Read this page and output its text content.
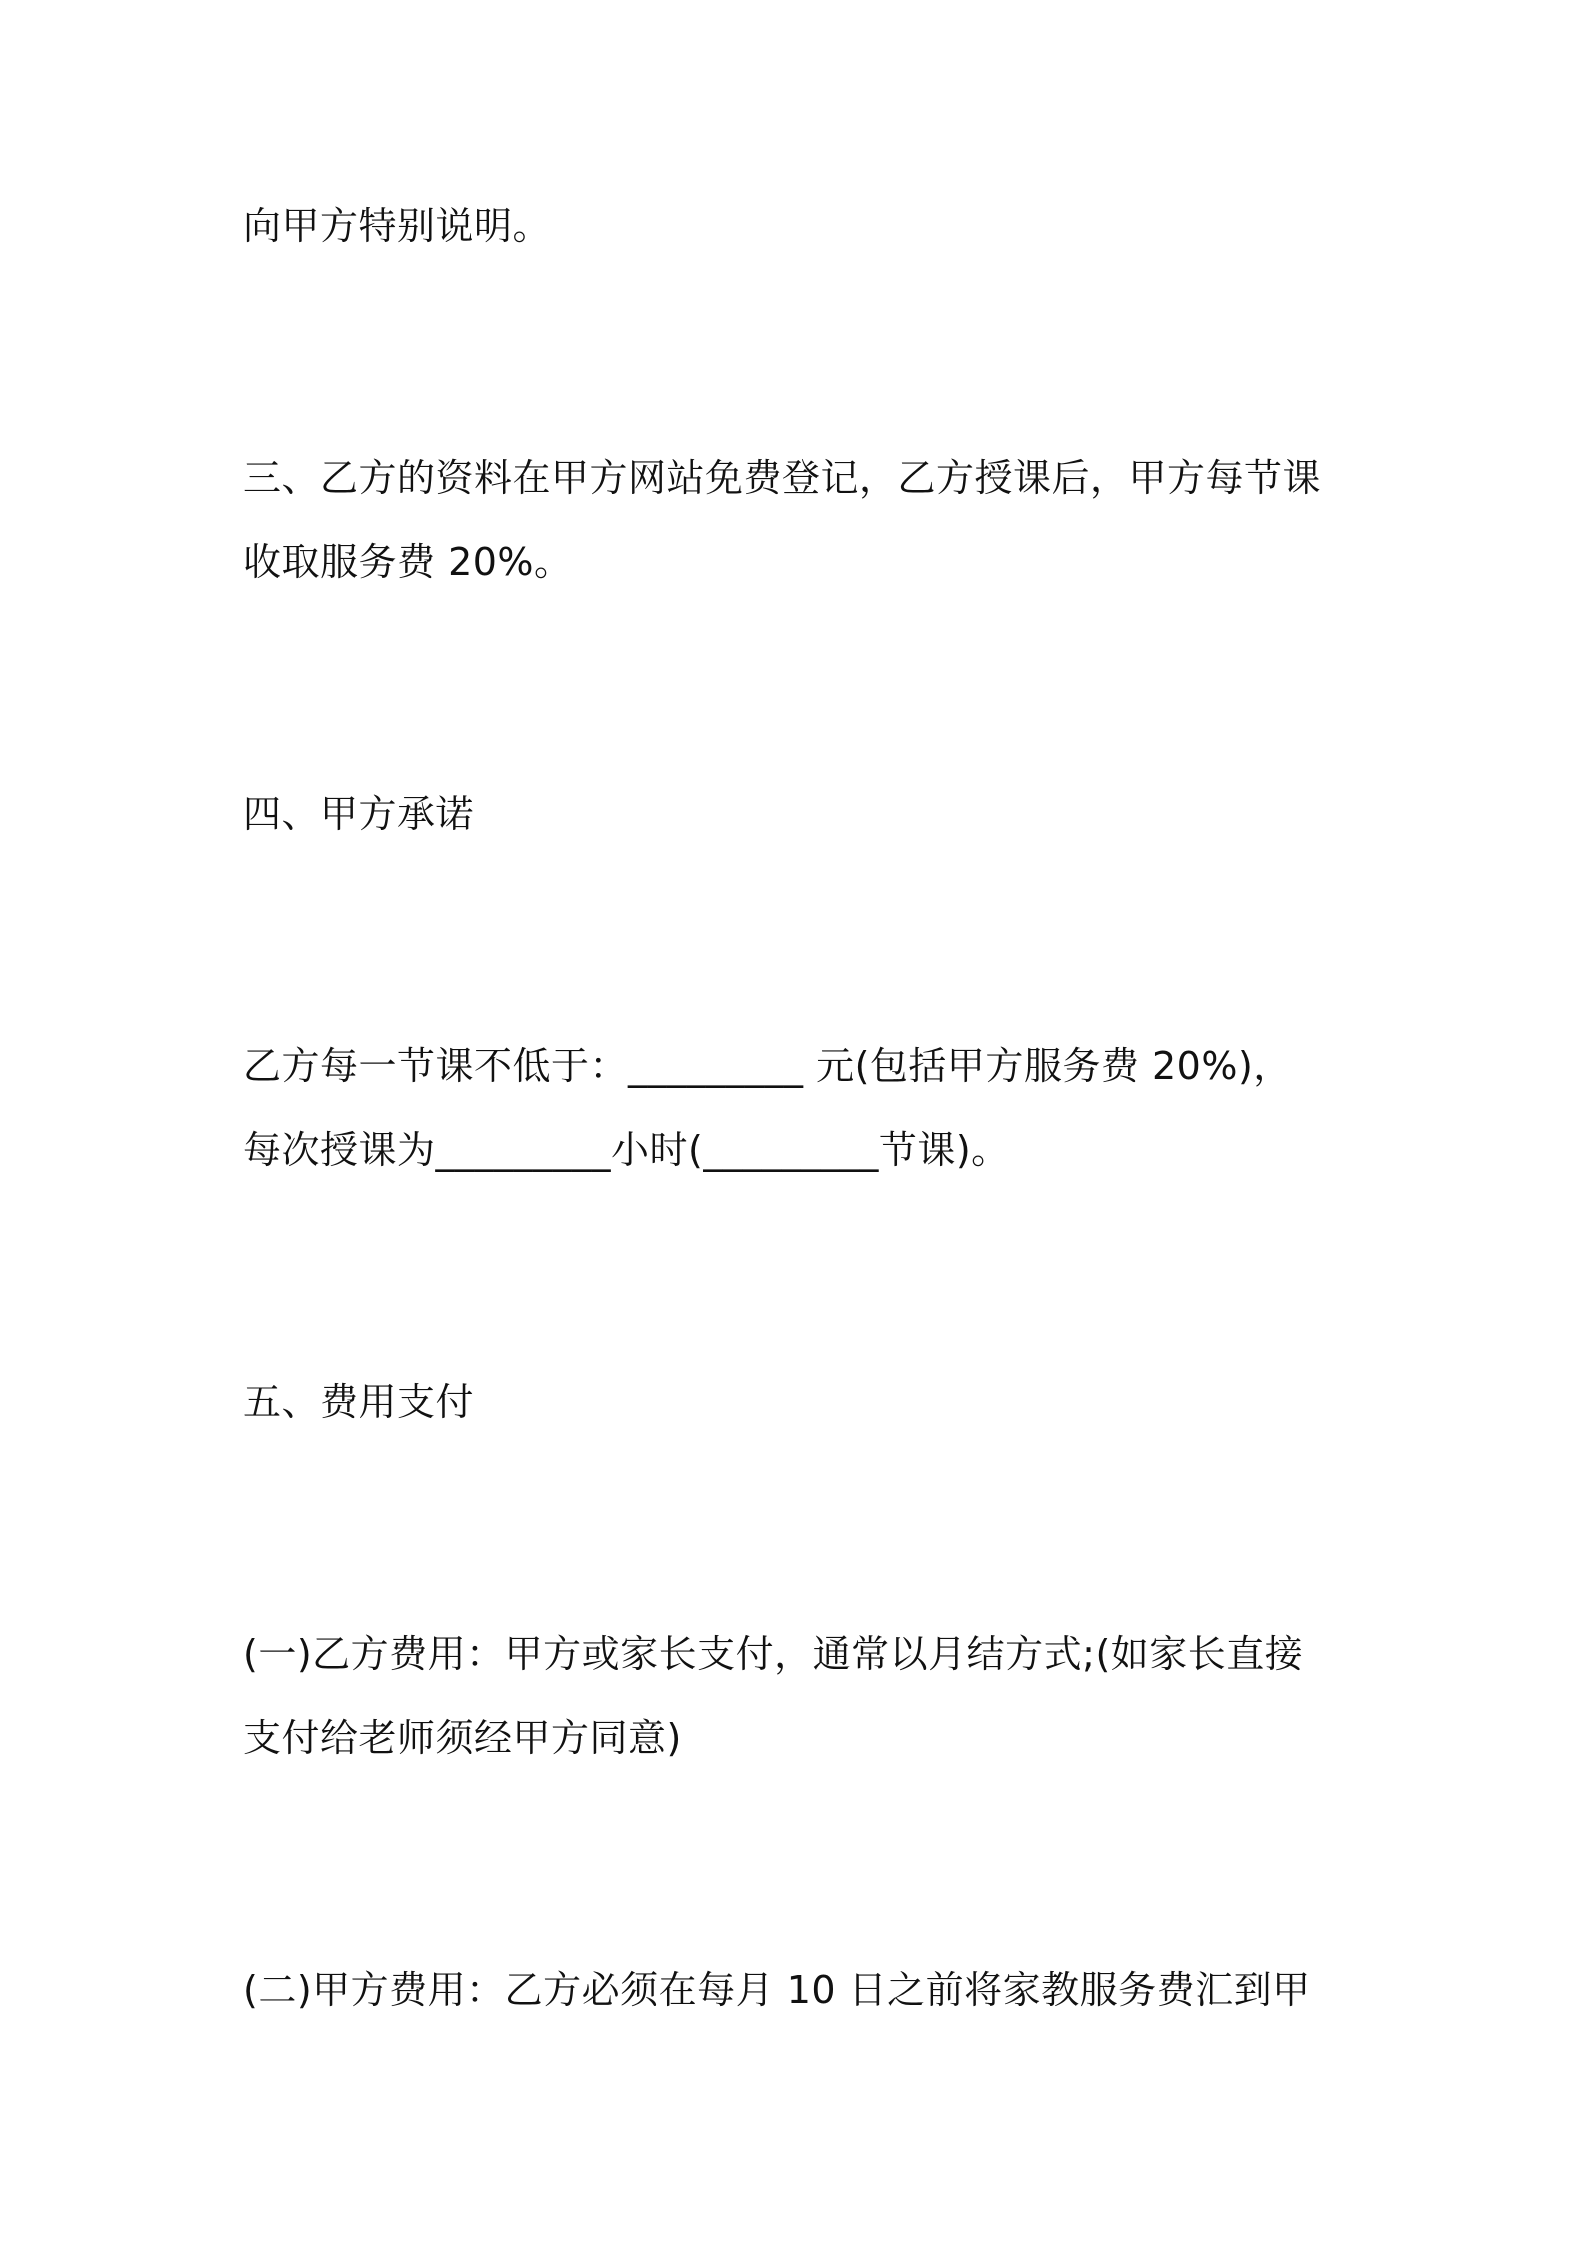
向甲方特别说明。
三、乙方的资料在甲方网站免费登记，乙方授课后，甲方每节课
收取服务费 20%。
四、甲方承诺
乙方每一节课不低于：_________ 元(包括甲方服务费 20%)，
每次授课为_________小时(_________节课)。
五、费用支付
(一)乙方费用：甲方或家长支付，通常以月结方式;(如家长直接
支付给老师须经甲方同意)
(二)甲方费用：乙方必须在每月 10 日之前将家教服务费汇到甲
